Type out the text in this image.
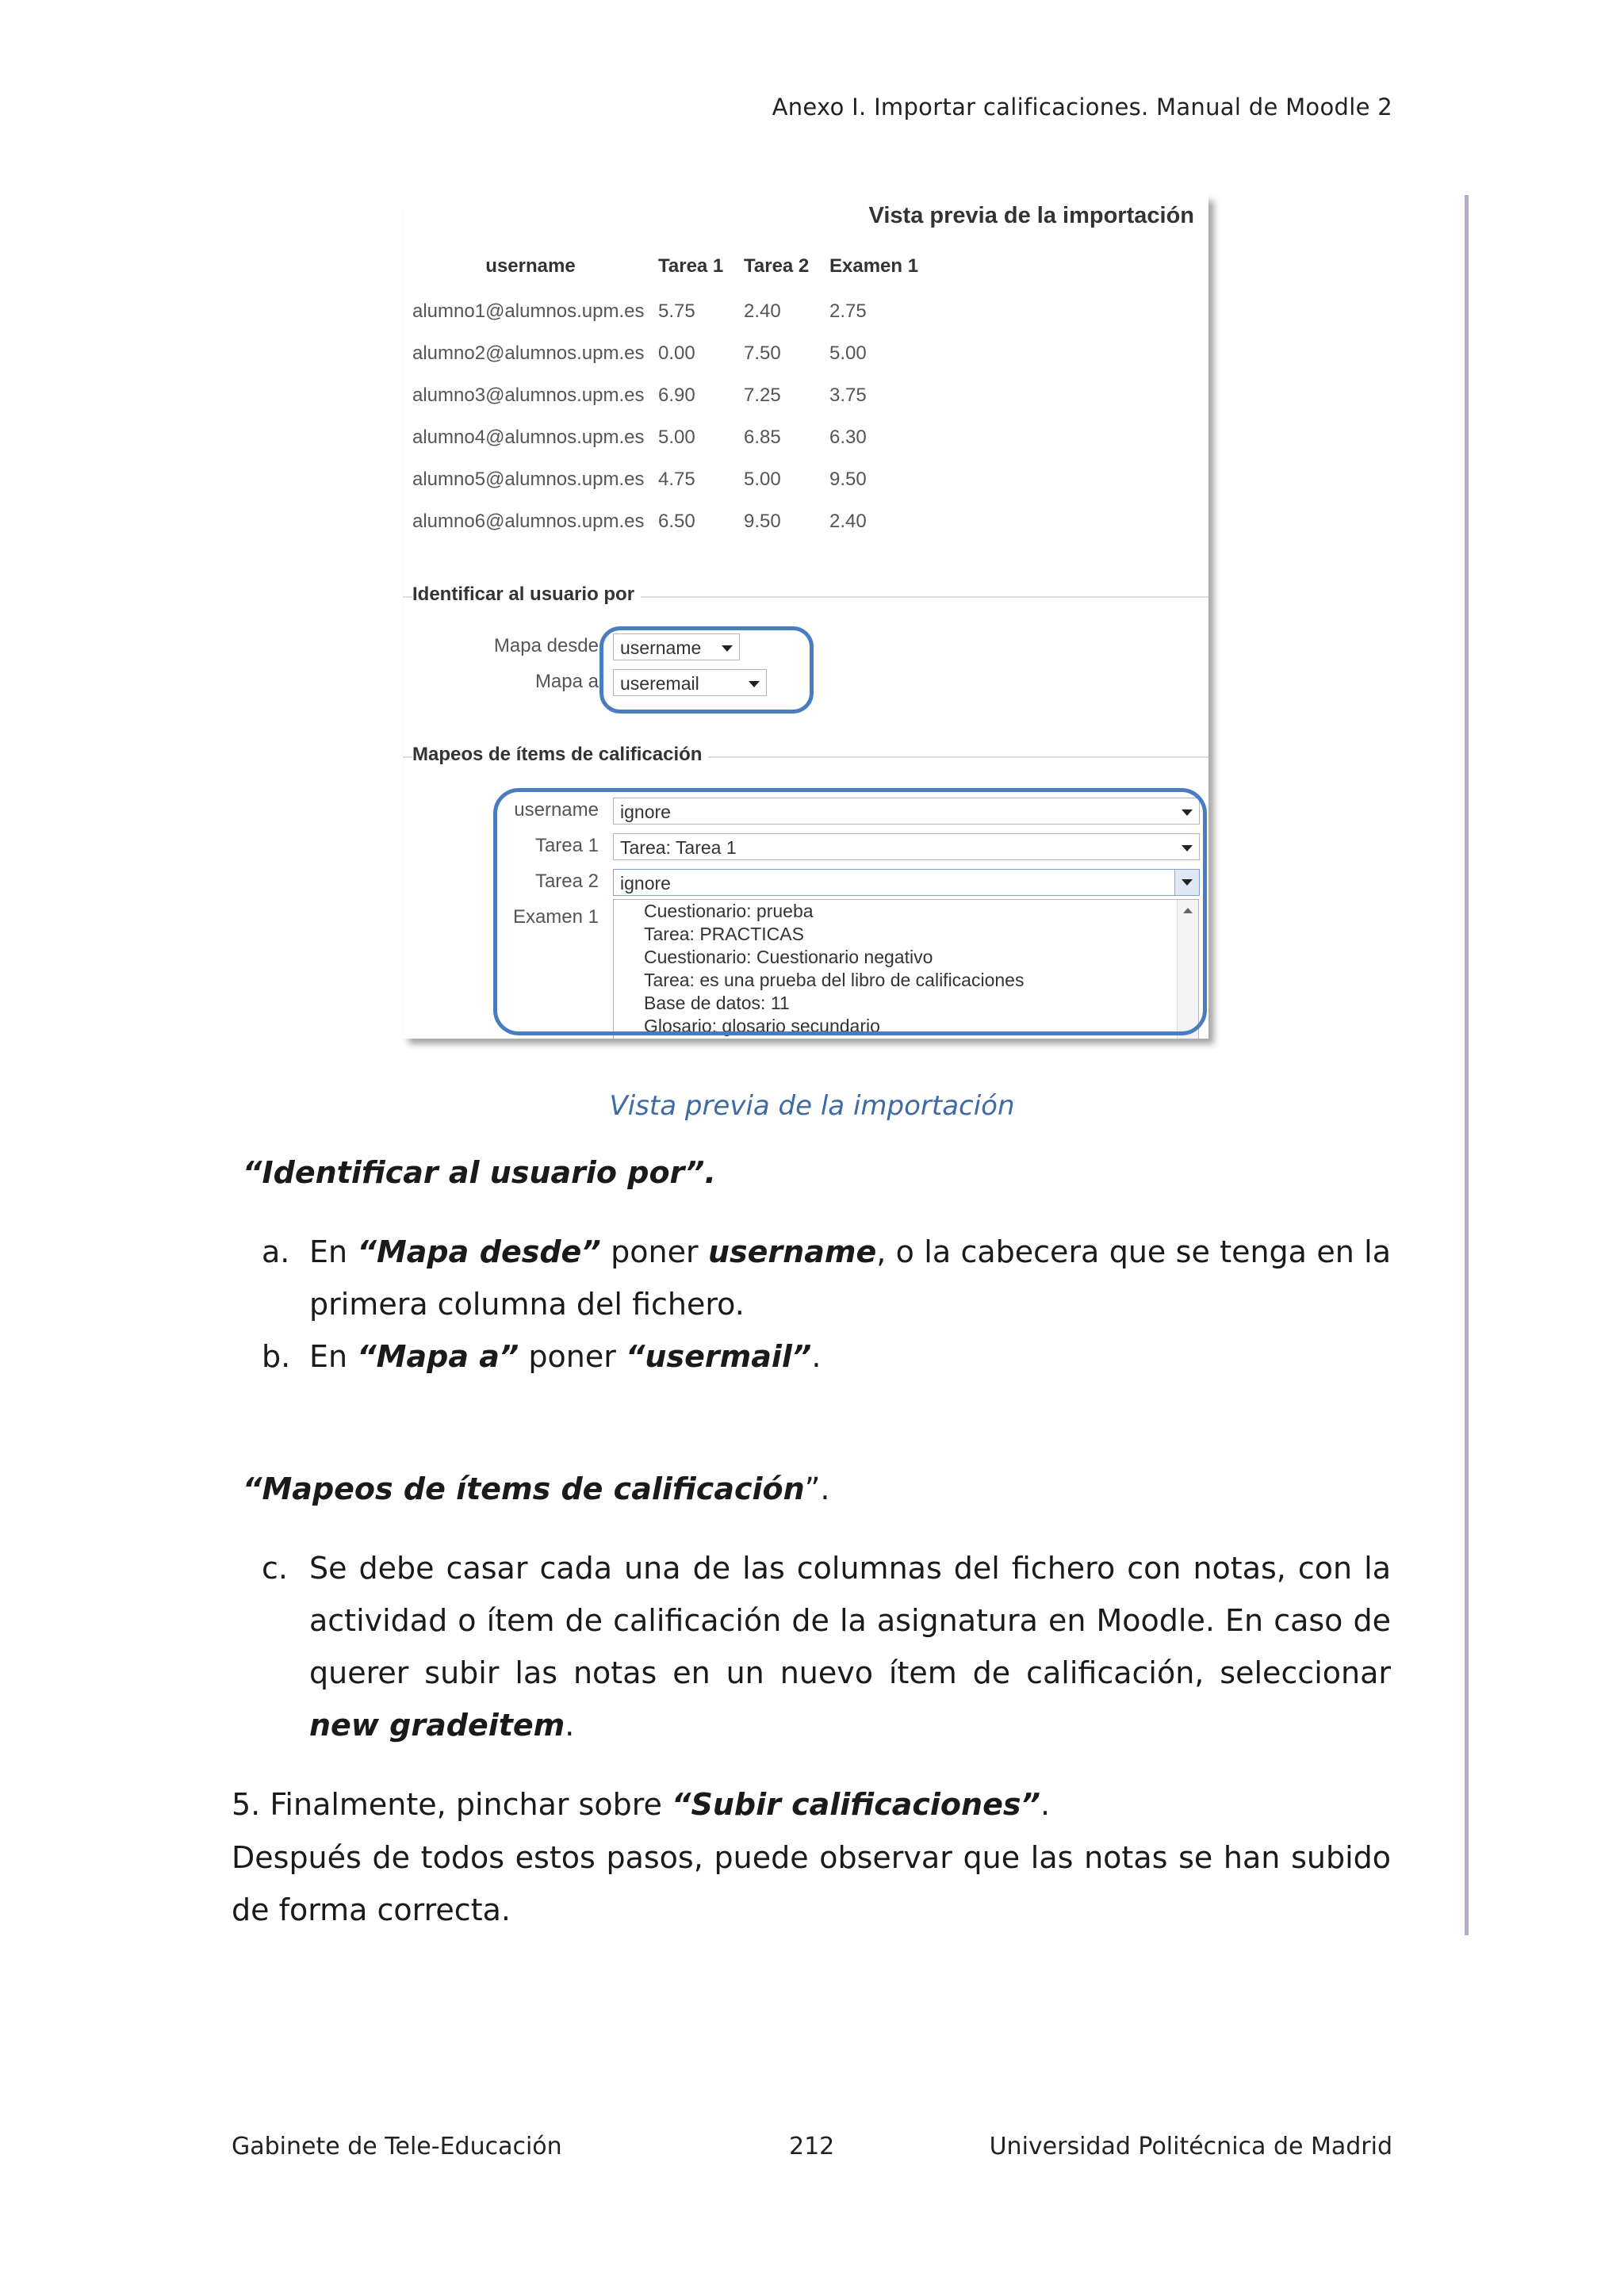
Anexo I. Importar calificaciones. Manual de Moodle 2
Vista previa de la importación
username	Tarea 1	Tarea 2	Examen 1
alumno1@alumnos.upm.es	5.75	2.40	2.75
alumno2@alumnos.upm.es	0.00	7.50	5.00
alumno3@alumnos.upm.es	6.90	7.25	3.75
alumno4@alumnos.upm.es	5.00	6.85	6.30
alumno5@alumnos.upm.es	4.75	5.00	9.50
alumno6@alumnos.upm.es	6.50	9.50	2.40
Identificar al usuario por
Mapa desde	username
Mapa a	useremail
Mapeos de ítems de calificación
username	ignore
Tarea 1	Tarea: Tarea 1
Tarea 2	ignore
Examen 1	Cuestionario: prueba
Tarea: PRACTICAS
Cuestionario: Cuestionario negativo
Tarea: es una prueba del libro de calificaciones
Base de datos: 11
Glosario: glosario secundario
Vista previa de la importación
“Identificar al usuario por”.
a. En “Mapa desde” poner username, o la cabecera que se tenga en la primera columna del fichero.
b. En “Mapa a” poner “usermail”.
“Mapeos de ítems de calificación”.
c. Se debe casar cada una de las columnas del fichero con notas, con la actividad o ítem de calificación de la asignatura en Moodle. En caso de querer subir las notas en un nuevo ítem de calificación, seleccionar new gradeitem.
5. Finalmente, pinchar sobre “Subir calificaciones”.
Después de todos estos pasos, puede observar que las notas se han subido de forma correcta.
Gabinete de Tele-Educación	212	Universidad Politécnica de Madrid
